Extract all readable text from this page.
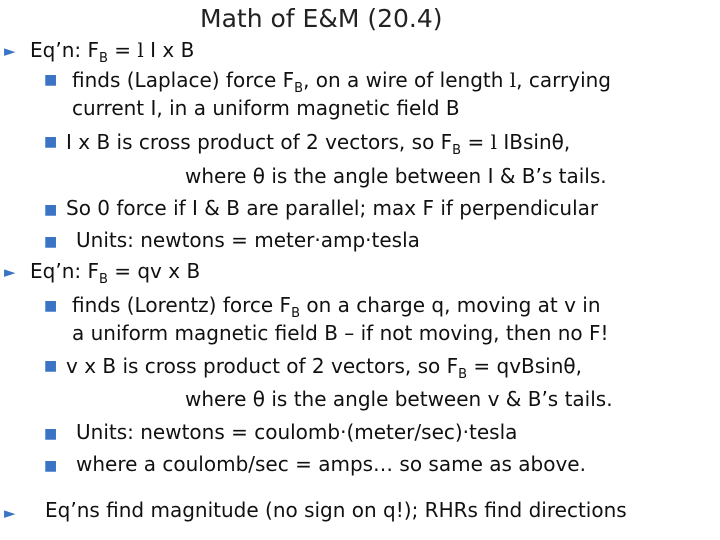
Math of E&M (20.4)
► Eq’n: $F_B = l$ I x B
■ finds (Laplace) force $F_B$, on a wire of length l, carrying
current I, in a uniform magnetic field B
■ I x B is cross product of 2 vectors, so $F_B = l$ IBsinθ,
where θ is the angle between I & B’s tails.
■ So 0 force if I & B are parallel; max F if perpendicular
■ Units: newtons = meter·amp·tesla
► Eq’n: $F_B$ = qv x B
■ finds (Lorentz) force $F_B$ on a charge q, moving at v in
a uniform magnetic field B – if not moving, then no F!
■ v x B is cross product of 2 vectors, so $F_B = qvBsin\theta$,
where θ is the angle between v & B’s tails.
■ Units: newtons = coulomb·(meter/sec)·tesla
■ where a coulomb/sec = amps… so same as above.
► Eq’ns find magnitude (no sign on q!); RHRs find directions
